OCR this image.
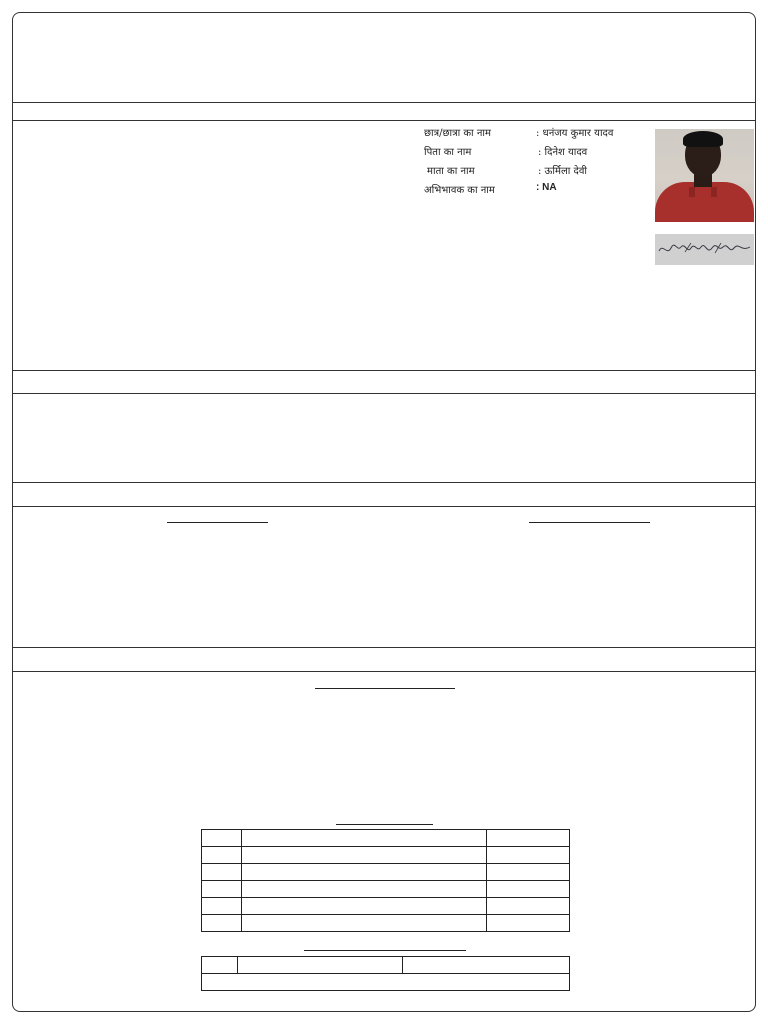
छात्र/छात्रा का नाम	: धनंजय कुमार यादव
पिता का नाम	: दिनेश यादव
माता का नाम	: ऊर्मिला देवी
अभिभावक का नाम	: NA
